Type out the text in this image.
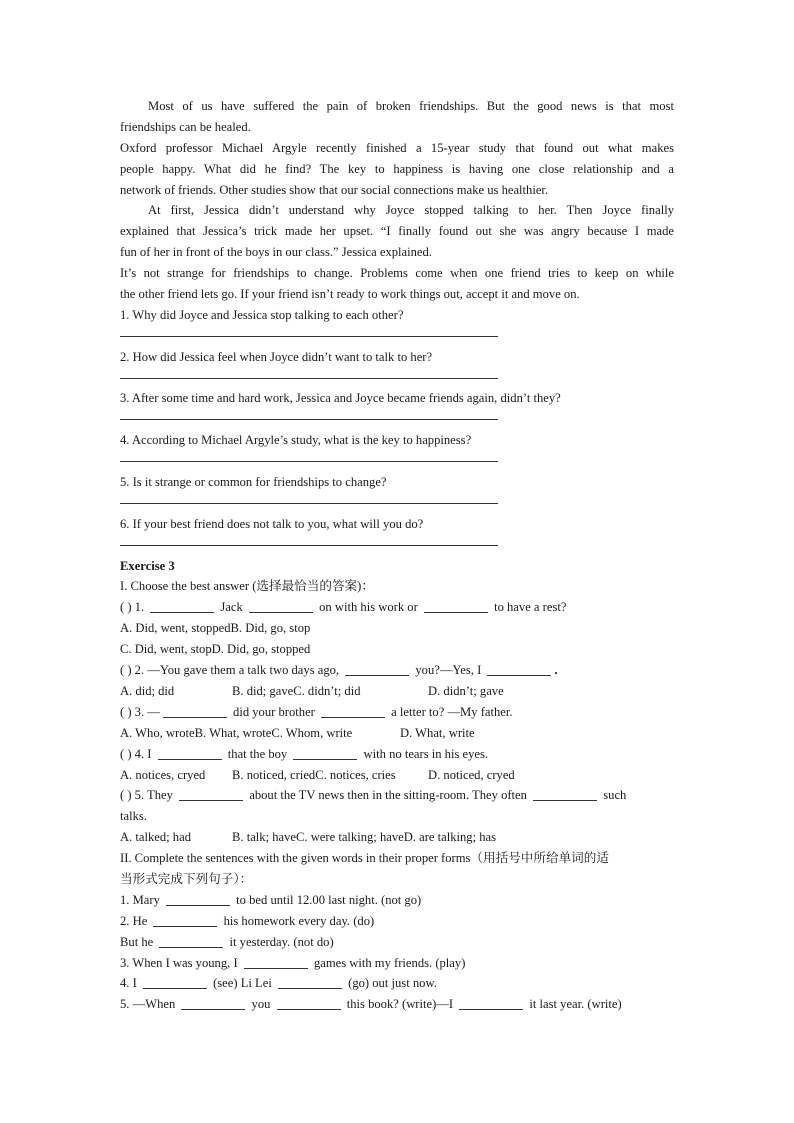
Most of us have suffered the pain of broken friendships. But the good news is that most
friendships can be healed.
Oxford professor Michael Argyle recently finished a 15-year study that found out what makes
people happy. What did he find? The key to happiness is having one close relationship and a
network of friends. Other studies show that our social connections make us healthier.
At first, Jessica didn’t understand why Joyce stopped talking to her. Then Joyce finally
explained that Jessica’s trick made her upset. “I finally found out she was angry because I made
fun of her in front of the boys in our class.” Jessica explained.
It’s not strange for friendships to change. Problems come when one friend tries to keep on while
the other friend lets go. If your friend isn’t ready to work things out, accept it and move on.
1. Why did Joyce and Jessica stop talking to each other?
2. How did Jessica feel when Joyce didn’t want to talk to her?
3. After some time and hard work, Jessica and Joyce became friends again, didn’t they?
4. According to Michael Argyle’s study, what is the key to happiness?
5. Is it strange or common for friendships to change?
6. If your best friend does not talk to you, what will you do?
Exercise 3
I. Choose the best answer (选择最恰当的答案)：
( ) 1.	Jack	on with his work or	to have a rest?
A. Did, went, stoppedB. Did, go, stop
C. Did, went, stopD. Did, go, stopped
( ) 2. —You gave them a talk two days ago,	you?—Yes, I	.
A. did; did	B. did; gaveC. didn’t; did	D. didn’t; gave
( ) 3. —	did your brother	a letter to? —My father.
A. Who, wroteB. What, wroteC. Whom, write	D. What, write
( ) 4. I	that the boy	with no tears in his eyes.
A. notices, cryed B. noticed, criedC. notices, cries	D. noticed, cryed
( ) 5. They	about the TV news then in the sitting-room. They often	such
talks.
A. talked; had	B. talk; haveC. were talking; haveD. are talking; has
II. Complete the sentences with the given words in their proper forms（用括号中所给单词的适
当形式完成下列句子）：
1. Mary	to bed until 12.00 last night. (not go)
2. He	his homework every day. (do)
But he	it yesterday. (not do)
3. When I was young, I	games with my friends. (play)
4. I	(see) Li Lei	(go) out just now.
5. —When	you	this book? (write)—I	it last year. (write)
